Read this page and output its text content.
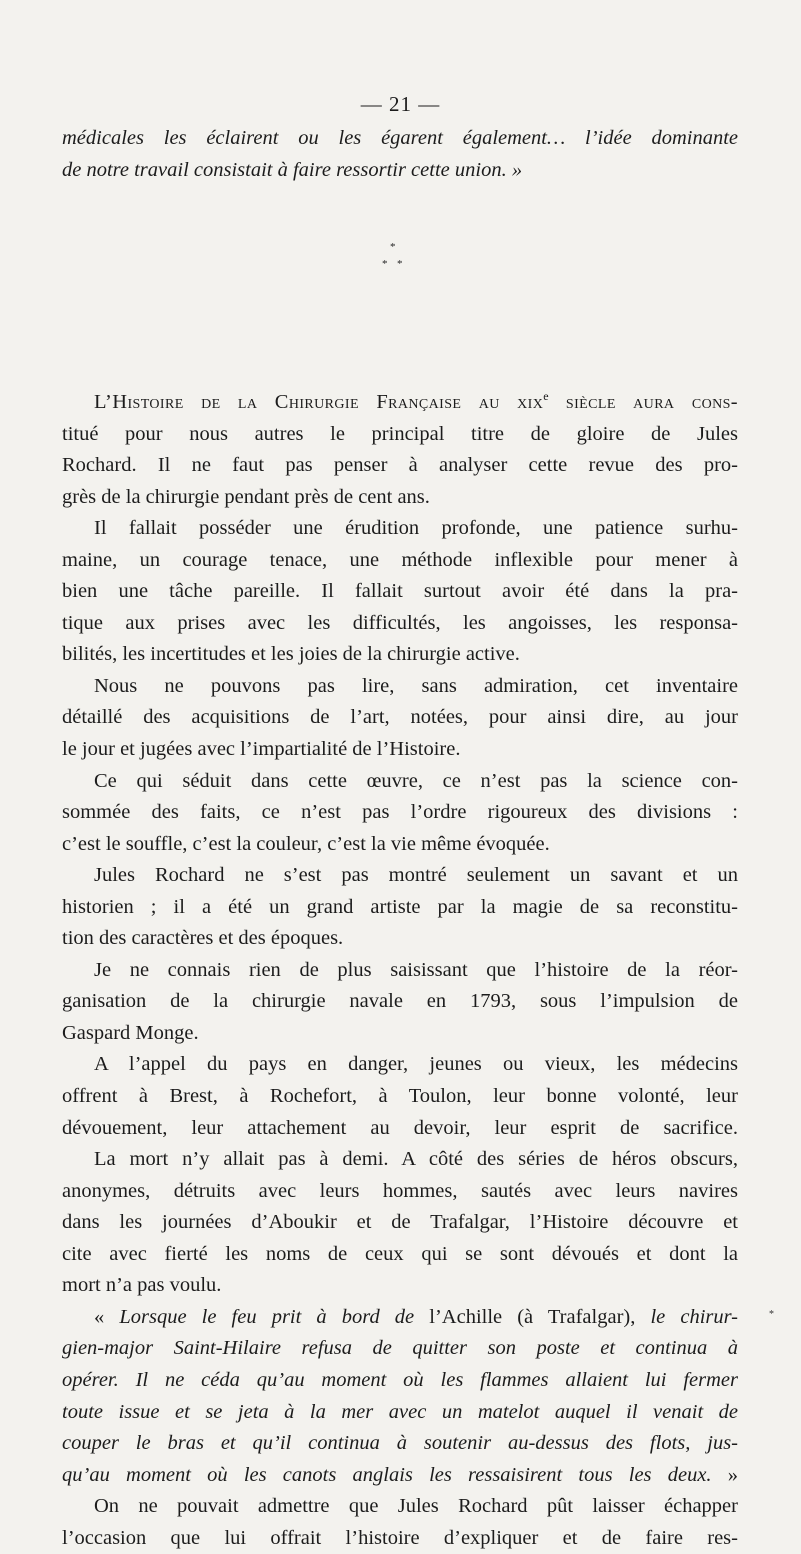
— 21 —
médicales les éclairent ou les égarent également… l’idée dominante
de notre travail consistait à faire ressortir cette union. »
*
* *
L’Histoire de la Chirurgie Française au xix$^e$ siècle aura cons-
titué pour nous autres le principal titre de gloire de Jules
Rochard. Il ne faut pas penser à analyser cette revue des pro-
grès de la chirurgie pendant près de cent ans.
Il fallait posséder une érudition profonde, une patience surhu-
maine, un courage tenace, une méthode inflexible pour mener à
bien une tâche pareille. Il fallait surtout avoir été dans la pra-
tique aux prises avec les difficultés, les angoisses, les responsa-
bilités, les incertitudes et les joies de la chirurgie active.
Nous ne pouvons pas lire, sans admiration, cet inventaire
détaillé des acquisitions de l’art, notées, pour ainsi dire, au jour
le jour et jugées avec l’impartialité de l’Histoire.
Ce qui séduit dans cette œuvre, ce n’est pas la science con-
sommée des faits, ce n’est pas l’ordre rigoureux des divisions :
c’est le souffle, c’est la couleur, c’est la vie même évoquée.
Jules Rochard ne s’est pas montré seulement un savant et un
historien ; il a été un grand artiste par la magie de sa reconstitu-
tion des caractères et des époques.
Je ne connais rien de plus saisissant que l’histoire de la réor-
ganisation de la chirurgie navale en 1793, sous l’impulsion de
Gaspard Monge.
A l’appel du pays en danger, jeunes ou vieux, les médecins
offrent à Brest, à Rochefort, à Toulon, leur bonne volonté, leur
dévouement, leur attachement au devoir, leur esprit de sacrifice.
La mort n’y allait pas à demi. A côté des séries de héros obscurs,
anonymes, détruits avec leurs hommes, sautés avec leurs navires
dans les journées d’Aboukir et de Trafalgar, l’Histoire découvre et
cite avec fierté les noms de ceux qui se sont dévoués et dont la
mort n’a pas voulu.
« Lorsque le feu prit à bord de l’Achille (à Trafalgar), le chirur-
gien-major Saint-Hilaire refusa de quitter son poste et continua à
opérer. Il ne céda qu’au moment où les flammes allaient lui fermer
toute issue et se jeta à la mer avec un matelot auquel il venait de
couper le bras et qu’il continua à soutenir au-dessus des flots, jus-
qu’au moment où les canots anglais les ressaisirent tous les deux. »
On ne pouvait admettre que Jules Rochard pût laisser échapper
l’occasion que lui offrait l’histoire d’expliquer et de faire res-
*
